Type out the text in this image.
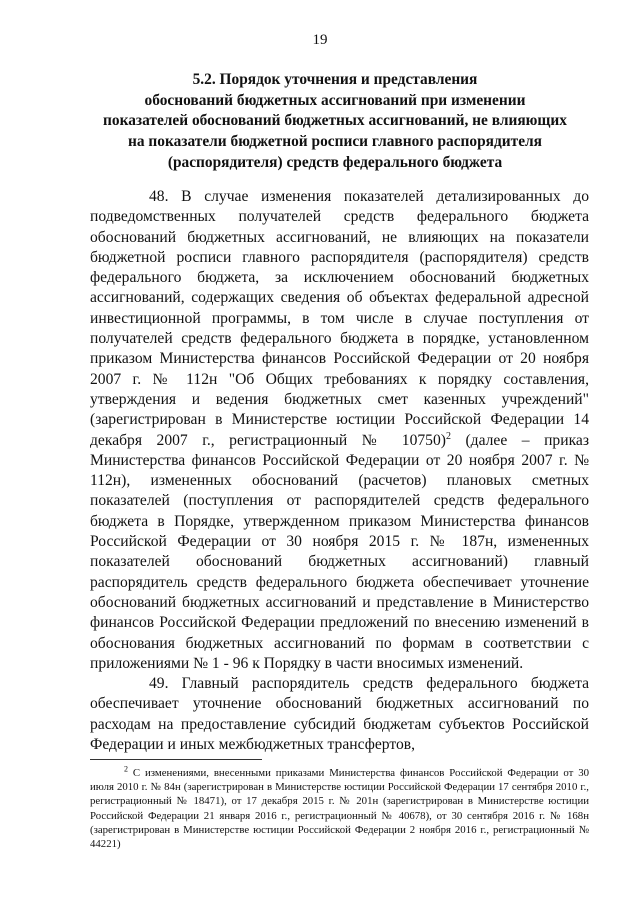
19
5.2. Порядок уточнения и представления
обоснований бюджетных ассигнований при изменении
показателей обоснований бюджетных ассигнований, не влияющих
на показатели бюджетной росписи главного распорядителя
(распорядителя) средств федерального бюджета

48. В случае изменения показателей детализированных до подведомственных получателей средств федерального бюджета обоснований бюджетных ассигнований, не влияющих на показатели бюджетной росписи главного распорядителя (распорядителя) средств федерального бюджета, за исключением обоснований бюджетных ассигнований, содержащих сведения об объектах федеральной адресной инвестиционной программы, в том числе в случае поступления от получателей средств федерального бюджета в порядке, установленном приказом Министерства финансов Российской Федерации от 20 ноября 2007 г. № 112н "Об Общих требованиях к порядку составления, утверждения и ведения бюджетных смет казенных учреждений" (зарегистрирован в Министерстве юстиции Российской Федерации 14 декабря 2007 г., регистрационный № 10750)$^2$ (далее – приказ Министерства финансов Российской Федерации от 20 ноября 2007 г. № 112н), измененных обоснований (расчетов) плановых сметных показателей (поступления от распорядителей средств федерального бюджета в Порядке, утвержденном приказом Министерства финансов Российской Федерации от 30 ноября 2015 г. № 187н, измененных показателей обоснований бюджетных ассигнований) главный распорядитель средств федерального бюджета обеспечивает уточнение обоснований бюджетных ассигнований и представление в Министерство финансов Российской Федерации предложений по внесению изменений в обоснования бюджетных ассигнований по формам в соответствии с приложениями № 1 - 96 к Порядку в части вносимых изменений.

49. Главный распорядитель средств федерального бюджета обеспечивает уточнение обоснований бюджетных ассигнований по расходам на предоставление субсидий бюджетам субъектов Российской Федерации и иных межбюджетных трансфертов,

$^2$ С изменениями, внесенными приказами Министерства финансов Российской Федерации от 30 июля 2010 г. № 84н (зарегистрирован в Министерстве юстиции Российской Федерации 17 сентября 2010 г., регистрационный № 18471), от 17 декабря 2015 г. № 201н (зарегистрирован в Министерстве юстиции Российской Федерации 21 января 2016 г., регистрационный № 40678), от 30 сентября 2016 г. № 168н (зарегистрирован в Министерстве юстиции Российской Федерации 2 ноября 2016 г., регистрационный № 44221)
